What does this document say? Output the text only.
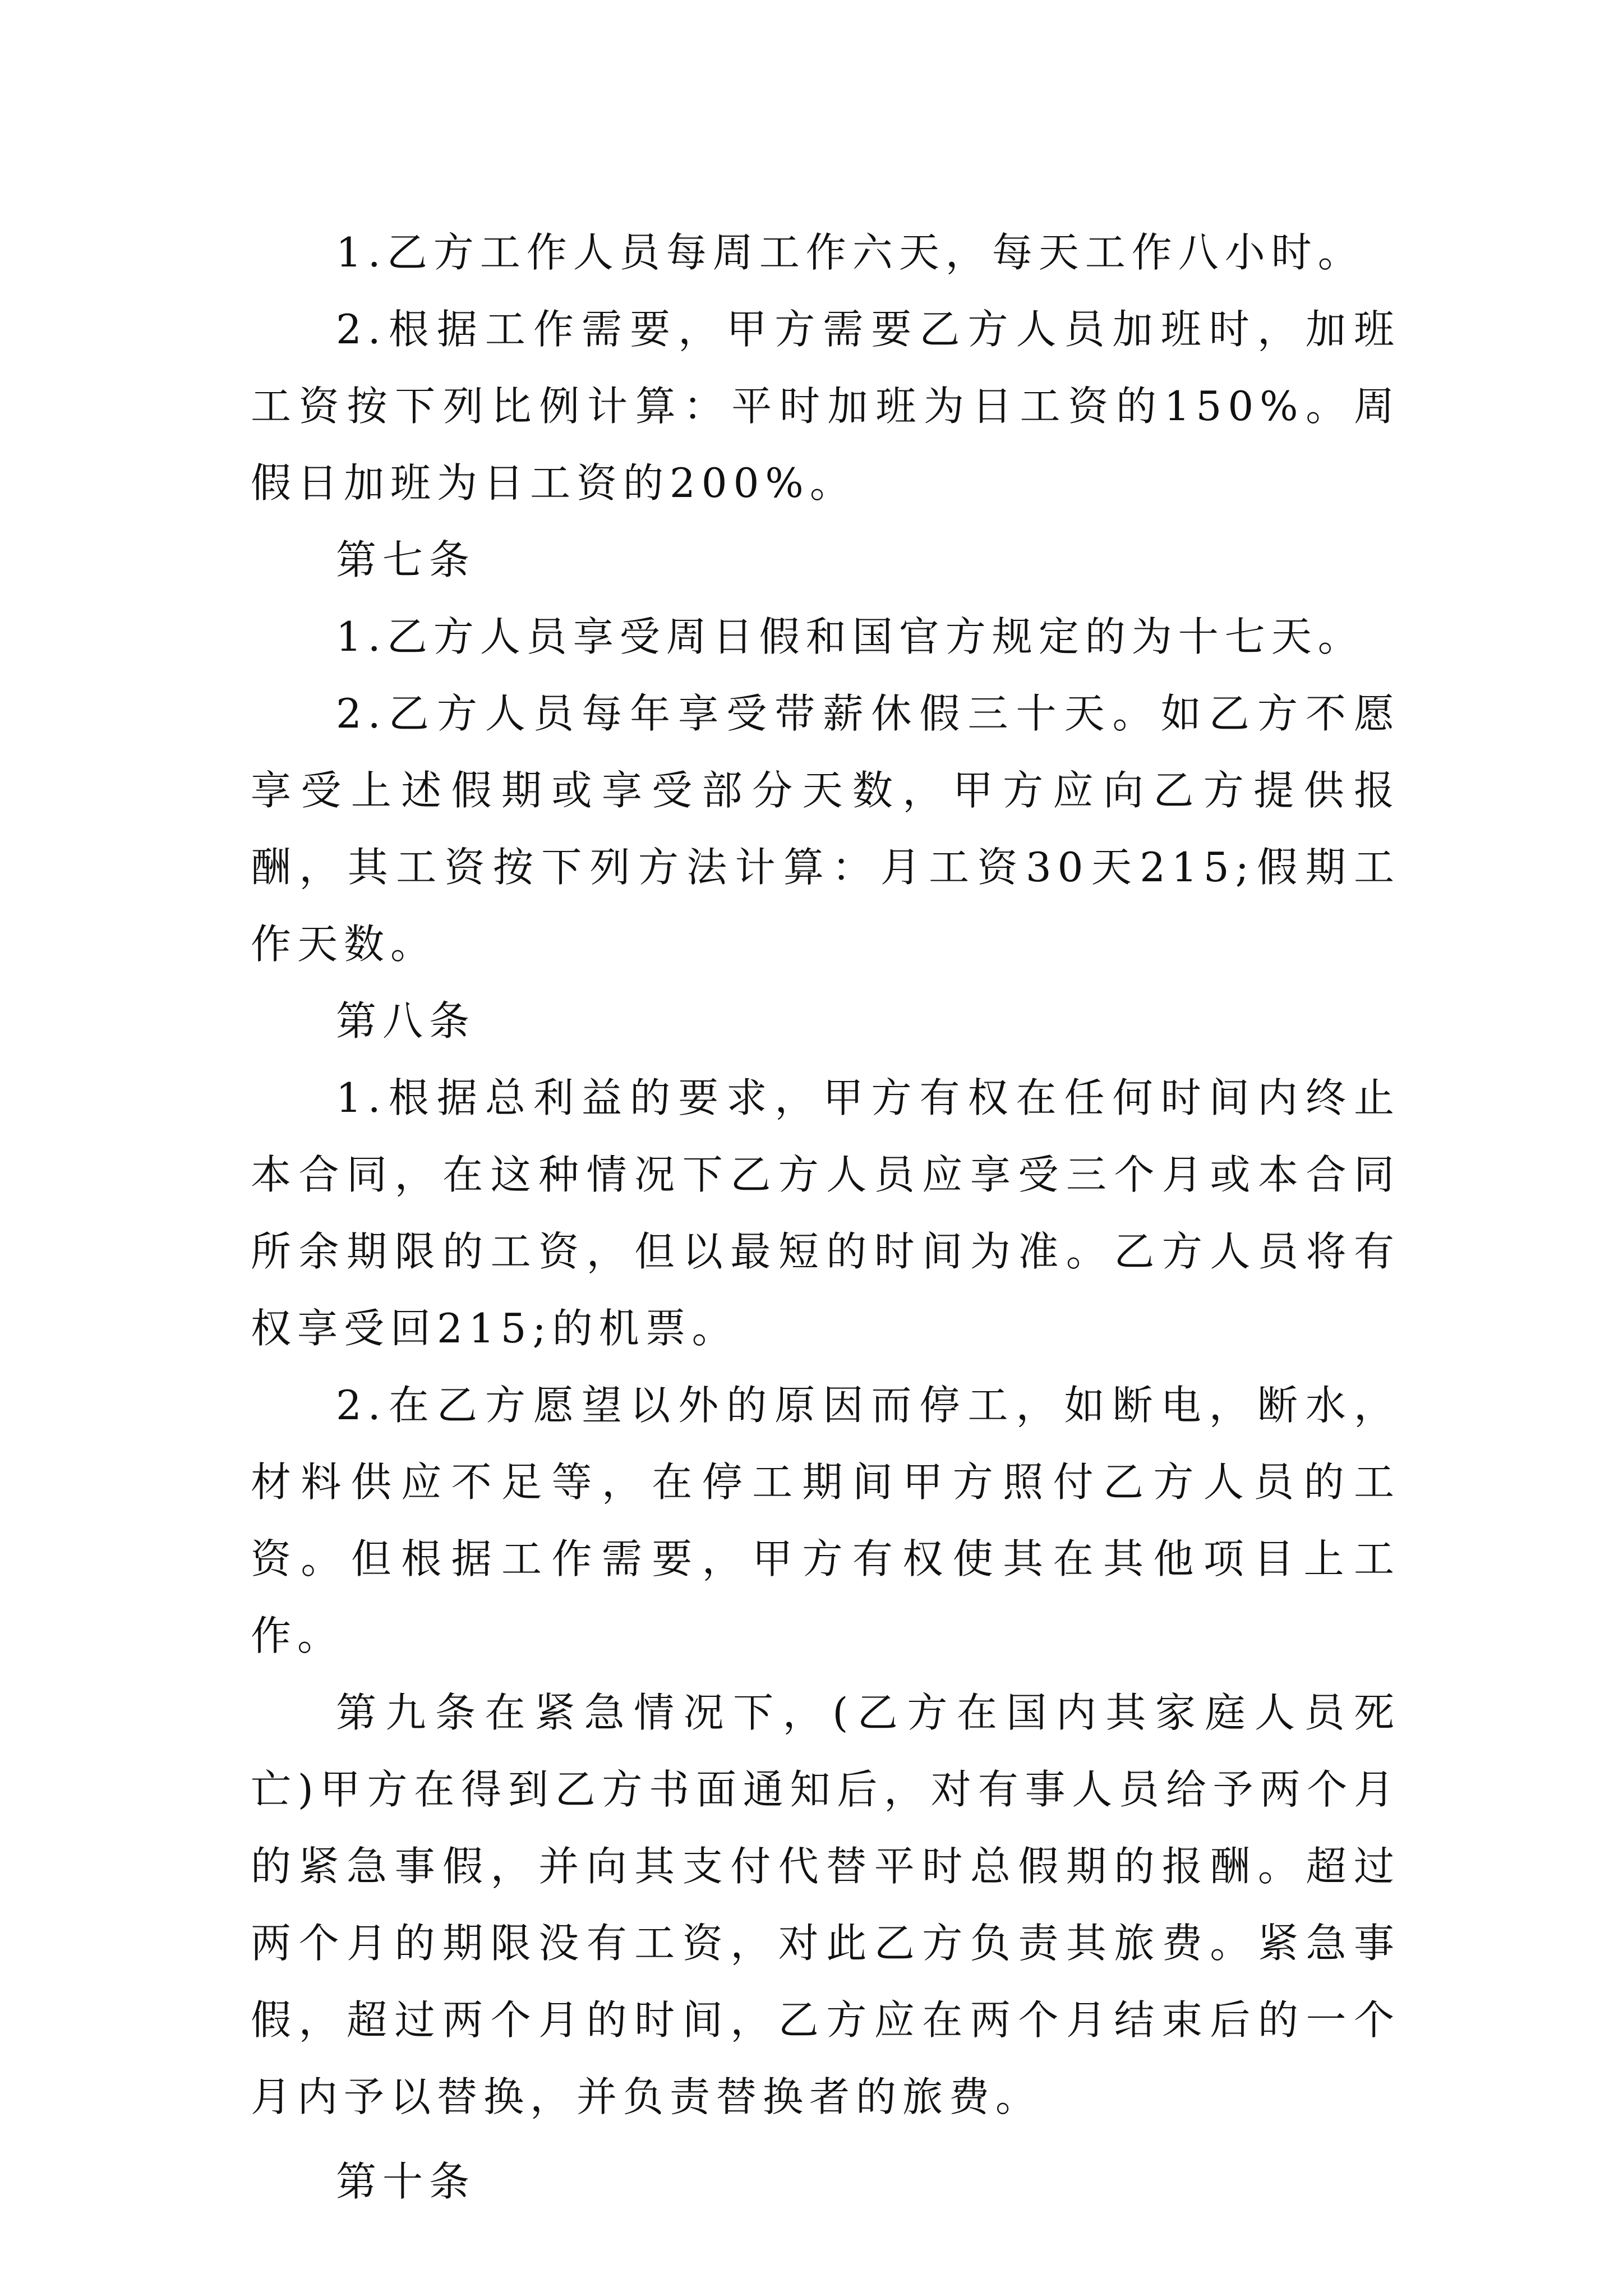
1.乙方工作人员每周工作六天，每天工作八小时。

2.根据工作需要，甲方需要乙方人员加班时，加班工资按下列比例计算：平时加班为日工资的150%。周假日加班为日工资的200%。

第七条

1.乙方人员享受周日假和国官方规定的为十七天。

2.乙方人员每年享受带薪休假三十天。如乙方不愿享受上述假期或享受部分天数，甲方应向乙方提供报酬，其工资按下列方法计算：月工资30天215;假期工作天数。

第八条

1.根据总利益的要求，甲方有权在任何时间内终止本合同，在这种情况下乙方人员应享受三个月或本合同所余期限的工资，但以最短的时间为准。乙方人员将有权享受回215;的机票。

2.在乙方愿望以外的原因而停工，如断电，断水，材料供应不足等，在停工期间甲方照付乙方人员的工资。但根据工作需要，甲方有权使其在其他项目上工作。

第九条在紧急情况下，(乙方在国内其家庭人员死亡)甲方在得到乙方书面通知后，对有事人员给予两个月的紧急事假，并向其支付代替平时总假期的报酬。超过两个月的期限没有工资，对此乙方负责其旅费。紧急事假，超过两个月的时间，乙方应在两个月结束后的一个月内予以替换，并负责替换者的旅费。

第十条
